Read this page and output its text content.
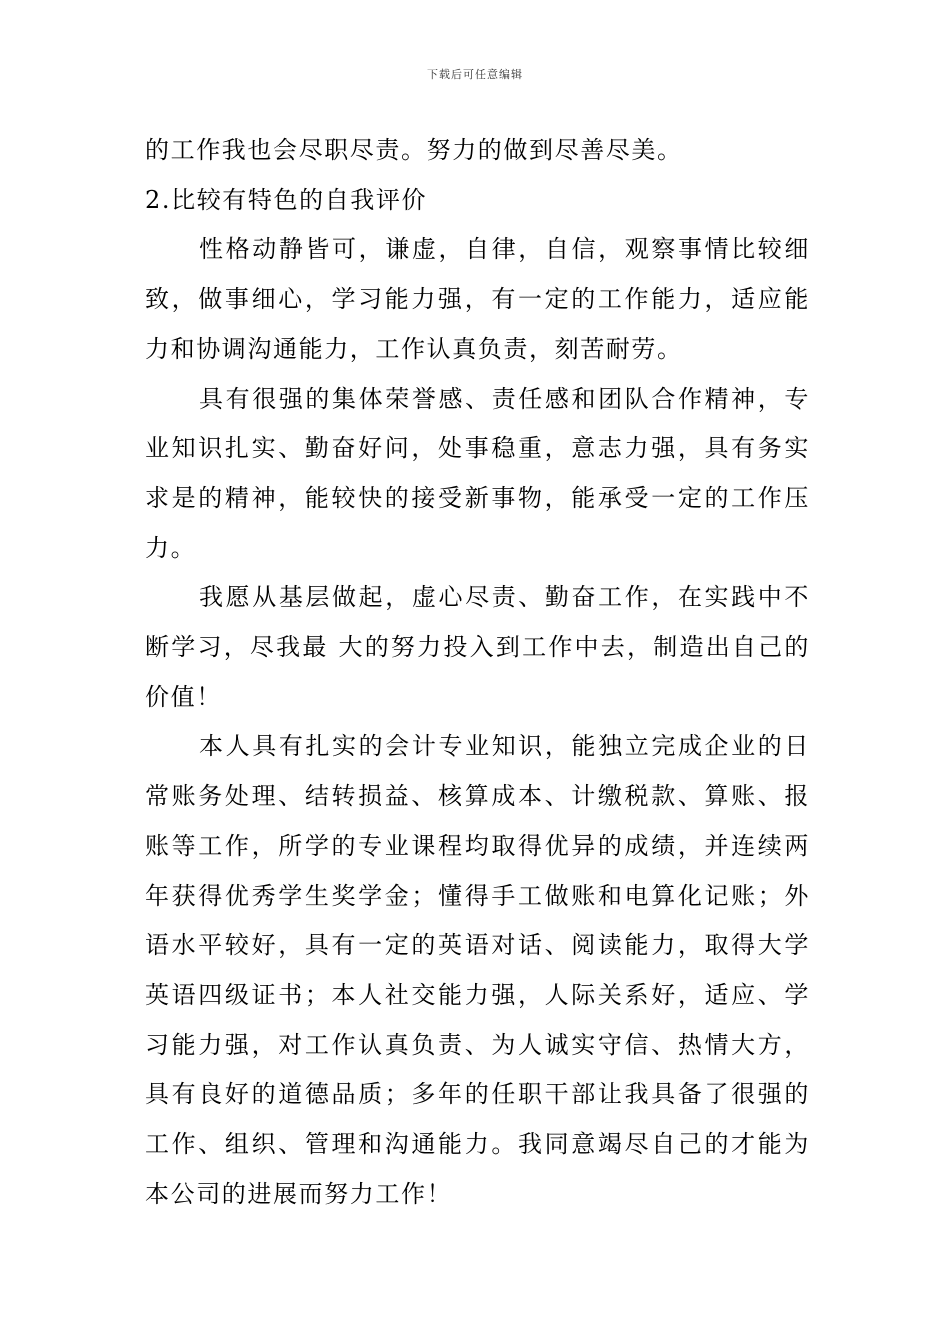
下载后可任意编辑

的工作我也会尽职尽责。努力的做到尽善尽美。

2.比较有特色的自我评价

性格动静皆可，谦虚，自律，自信，观察事情比较细致，做事细心，学习能力强，有一定的工作能力，适应能力和协调沟通能力，工作认真负责，刻苦耐劳。

具有很强的集体荣誉感、责任感和团队合作精神，专业知识扎实、勤奋好问，处事稳重，意志力强，具有务实求是的精神，能较快的接受新事物，能承受一定的工作压力。

我愿从基层做起，虚心尽责、勤奋工作，在实践中不断学习，尽我最 大的努力投入到工作中去，制造出自己的价值！

本人具有扎实的会计专业知识，能独立完成企业的日常账务处理、结转损益、核算成本、计缴税款、算账、报账等工作，所学的专业课程均取得优异的成绩，并连续两年获得优秀学生奖学金；懂得手工做账和电算化记账；外语水平较好，具有一定的英语对话、阅读能力，取得大学英语四级证书；本人社交能力强，人际关系好，适应、学习能力强，对工作认真负责、为人诚实守信、热情大方，具有良好的道德品质；多年的任职干部让我具备了很强的工作、组织、管理和沟通能力。我同意竭尽自己的才能为本公司的进展而努力工作！
